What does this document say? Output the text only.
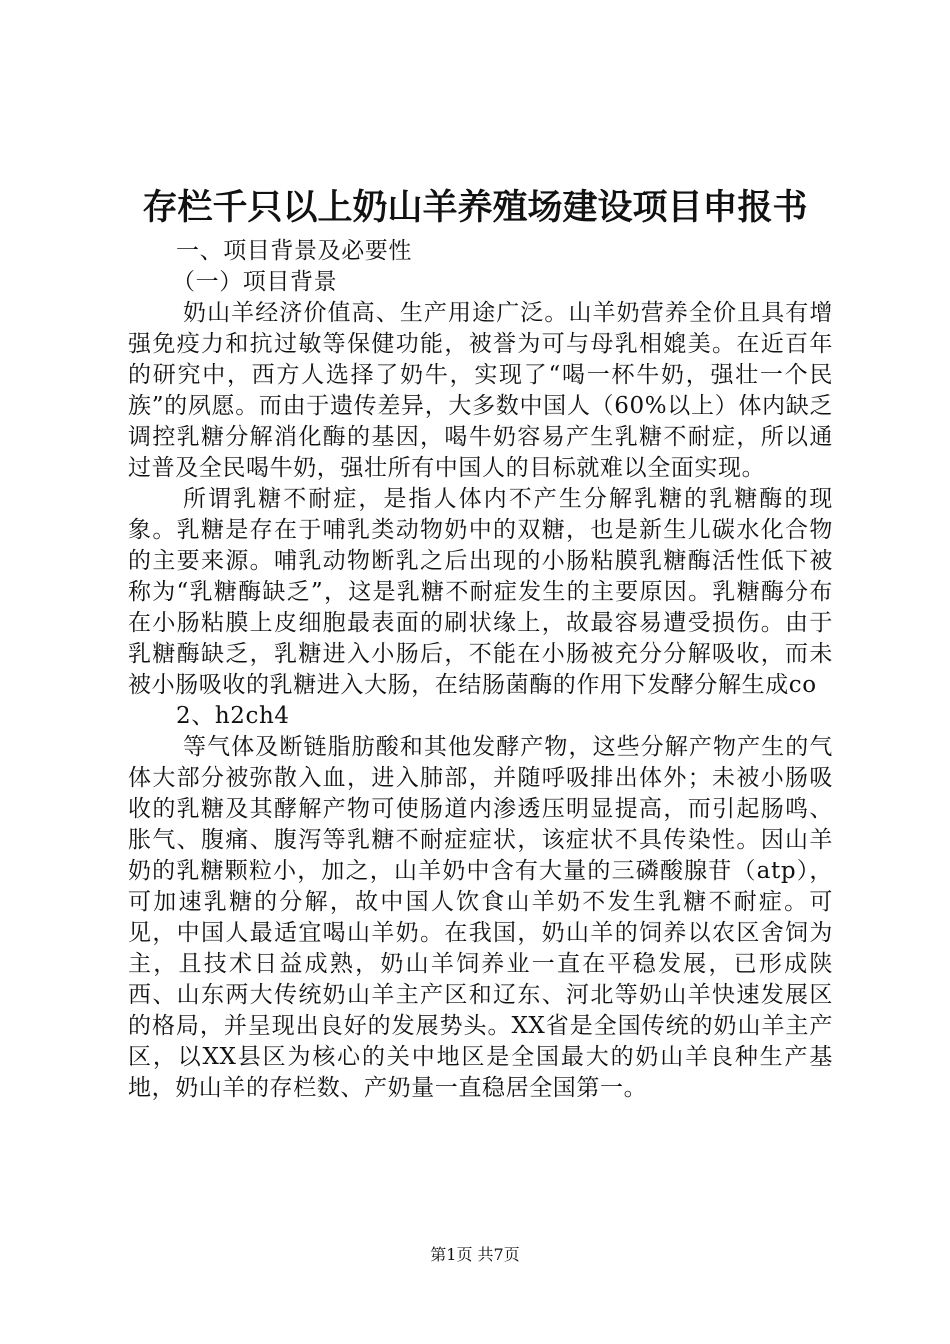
存栏千只以上奶山羊养殖场建设项目申报书

一、项目背景及必要性

（一）项目背景

奶山羊经济价值高、生产用途广泛。山羊奶营养全价且具有增强免疫力和抗过敏等保健功能，被誉为可与母乳相媲美。在近百年的研究中，西方人选择了奶牛，实现了“喝一杯牛奶，强壮一个民族”的夙愿。而由于遗传差异，大多数中国人（60%以上）体内缺乏调控乳糖分解消化酶的基因，喝牛奶容易产生乳糖不耐症，所以通过普及全民喝牛奶，强壮所有中国人的目标就难以全面实现。

所谓乳糖不耐症，是指人体内不产生分解乳糖的乳糖酶的现象。乳糖是存在于哺乳类动物奶中的双糖，也是新生儿碳水化合物的主要来源。哺乳动物断乳之后出现的小肠粘膜乳糖酶活性低下被称为“乳糖酶缺乏”，这是乳糖不耐症发生的主要原因。乳糖酶分布在小肠粘膜上皮细胞最表面的刷状缘上，故最容易遭受损伤。由于乳糖酶缺乏，乳糖进入小肠后，不能在小肠被充分分解吸收，而未被小肠吸收的乳糖进入大肠，在结肠菌酶的作用下发酵分解生成co

2、h2ch4

等气体及断链脂肪酸和其他发酵产物，这些分解产物产生的气体大部分被弥散入血，进入肺部，并随呼吸排出体外；未被小肠吸收的乳糖及其酵解产物可使肠道内渗透压明显提高，而引起肠鸣、胀气、腹痛、腹泻等乳糖不耐症症状，该症状不具传染性。因山羊奶的乳糖颗粒小，加之，山羊奶中含有大量的三磷酸腺苷（atp），可加速乳糖的分解，故中国人饮食山羊奶不发生乳糖不耐症。可见，中国人最适宜喝山羊奶。在我国，奶山羊的饲养以农区舍饲为主，且技术日益成熟，奶山羊饲养业一直在平稳发展，已形成陕西、山东两大传统奶山羊主产区和辽东、河北等奶山羊快速发展区的格局，并呈现出良好的发展势头。XX省是全国传统的奶山羊主产区，以XX县区为核心的关中地区是全国最大的奶山羊良种生产基地，奶山羊的存栏数、产奶量一直稳居全国第一。

第1页 共7页
